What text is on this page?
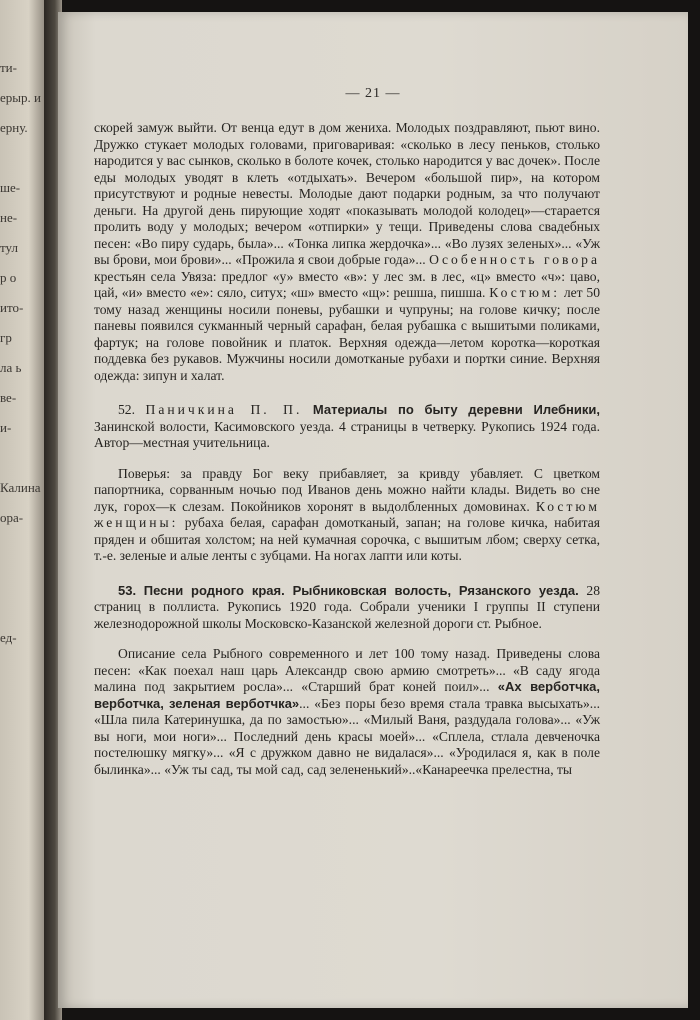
ти-
ерыр. и
ерну.
ше-
не-
тул
р о
ито-
гр
ла ь
ве-
и-
Калина
ора-
ед-
— 21 —

скорей замуж выйти. От венца едут в дом жениха. Молодых поздравляют, пьют вино. Дружко стукает молодых головами, приговаривая: «сколько в лесу пеньков, столько народится у вас сынков, сколько в болоте кочек, столько народится у вас дочек». После еды молодых уводят в клеть «отдыхать». Вечером «большой пир», на котором присутствуют и родные невесты. Молодые дают подарки родным, за что получают деньги. На другой день пирующие ходят «показывать молодой колодец»—старается пролить воду у молодых; вечером «отпирки» у тещи. Приведены слова свадебных песен: «Во пиру сударь, была»... «Тонка липка жердочка»... «Во лузях зеленых»... «Уж вы брови, мои брови»... «Прожила я свои добрые года»... Особенность говора крестьян села Увяза: предлог «у» вместо «в»: у лес зм. в лес, «ц» вместо «ч»: цаво, цай, «и» вместо «е»: сяло, ситух; «ш» вместо «щ»: решша, пишша. Костюм: лет 50 тому назад женщины носили поневы, рубашки и чупруны; на голове кичку; после паневы появился сукманный черный сарафан, белая рубашка с вышитыми поликами, фартук; на голове повойник и платок. Верхняя одежда—летом коротка—короткая поддевка без рукавов. Мужчины носили домотканые рубахи и портки синие. Верхняя одежда: зипун и халат.

52. Паничкина П. П. Материалы по быту деревни Илебники, Занинской волости, Касимовского уезда. 4 страницы в четверку. Рукопись 1924 года. Автор—местная учительница.

Поверья: за правду Бог веку прибавляет, за кривду убавляет. С цветком папортника, сорванным ночью под Иванов день можно найти клады. Видеть во сне лук, горох—к слезам. Покойников хоронят в выдолбленных домовинах. Костюм женщины: рубаха белая, сарафан домотканый, запан; на голове кичка, набитая пряден и обшитая холстом; на ней кумачная сорочка, с вышитым лбом; сверху сетка, т.-е. зеленые и алые ленты с зубцами. На ногах лапти или коты.

53. Песни родного края. Рыбниковская волость, Рязанского уезда. 28 страниц в поллиста. Рукопись 1920 года. Собрали ученики I группы II ступени железнодорожной школы Московско-Казанской железной дороги ст. Рыбное.

Описание села Рыбного современного и лет 100 тому назад. Приведены слова песен: «Как поехал наш царь Александр свою армию смотреть»... «В саду ягода малина под закрытием росла»... «Старший брат коней поил»... «Ах верботчка, верботчка, зеленая верботчка»... «Без поры безо время стала травка высыхать»... «Шла пила Катеринушка, да по замостью»... «Милый Ваня, раздудала голова»... «Уж вы ноги, мои ноги»... Последний день красы моей»... «Сплела, стлала девченочка постелюшку мягку»... «Я с дружком давно не видалася»... «Уродилася я, как в поле былинка»... «Уж ты сад, ты мой сад, сад зелененький»..«Канареечка прелестна, ты
